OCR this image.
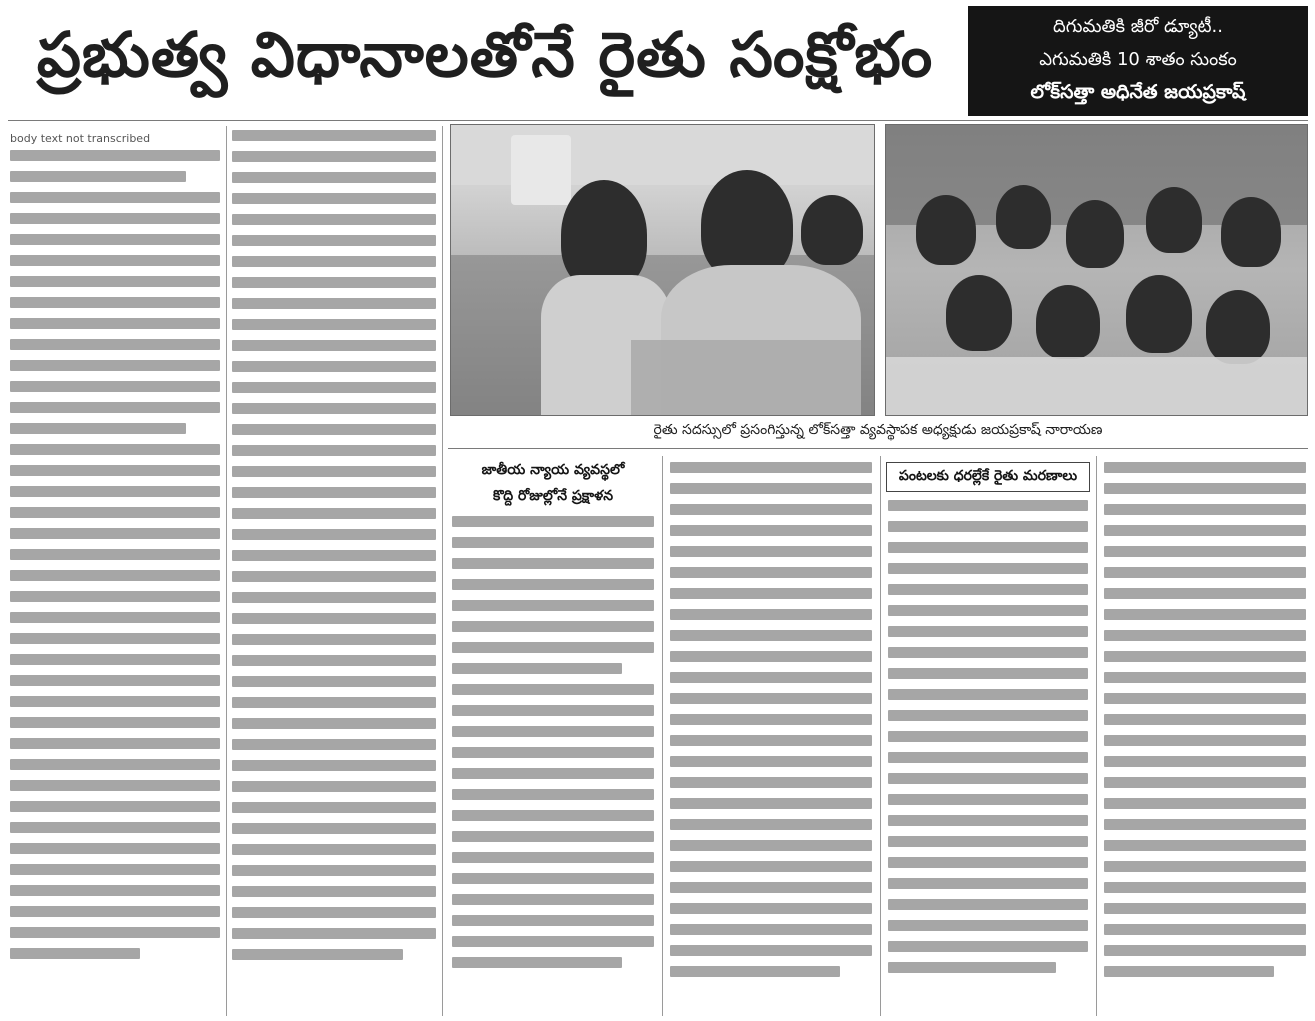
ప్రభుత్వ విధానాలతోనే రైతు సంక్షోభం	దిగుమతికి జీరో డ్యూటీ..
ఎగుమతికి 10 శాతం సుంకం
లోక్‌సత్తా అధినేత జయప్రకాష్
body text not transcribed
రైతు సదస్సులో ప్రసంగిస్తున్న లోక్‌సత్తా వ్యవస్థాపక అధ్యక్షుడు జయప్రకాష్ నారాయణ
జాతీయ న్యాయ వ్యవస్థలో
కొద్ది రోజుల్లోనే ప్రక్షాళన
పంటలకు ధరల్లేకే రైతు మరణాలు
